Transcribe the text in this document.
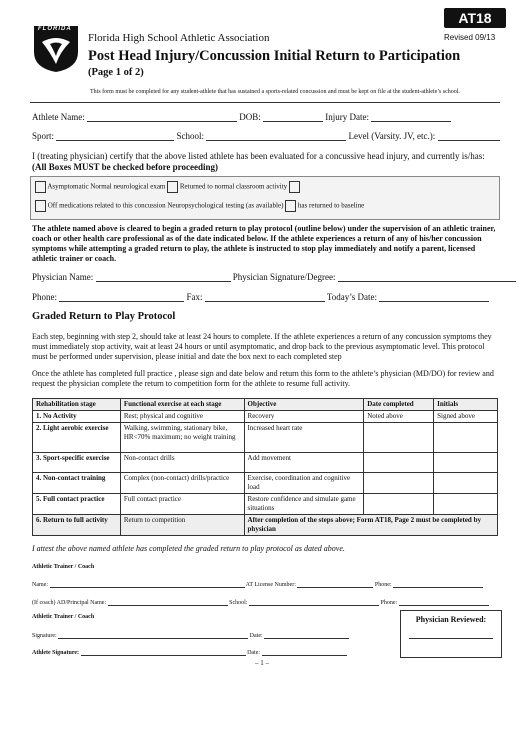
FLORIDA
Florida High School Athletic Association
AT18
Revised 09/13
Post Head Injury/Concussion Initial Return to Participation
(Page 1 of 2)
This form must be completed for any student-athlete that has sustained a sports-related concussion and must be kept on file at the student-athlete’s school.
Athlete Name:	DOB:	Injury Date:
Sport:	School:	Level (Varsity. JV, etc.):
I (treating physician) certify that the above listed athlete has been evaluated for a concussive head injury, and currently is/has:
(All Boxes MUST be checked before proceeding)
Asymptomatic Normal neurological exam Returned to normal classroom activity
Off medications related to this concussion Neuropsychological testing (as available) has returned to baseline
The athlete named above is cleared to begin a graded return to play protocol (outline below) under the supervision of an athletic trainer, coach or other health care professional as of the date indicated below. If the athlete experiences a return of any of his/her concussion symptoms while attempting a graded return to play, the athlete is instructed to stop play immediately and notify a parent, licensed athletic trainer or coach.
Physician Name:	Physician Signature/Degree:
Phone:	Fax:	Today’s Date:
Graded Return to Play Protocol
Each step, beginning with step 2, should take at least 24 hours to complete. If the athlete experiences a return of any concussion symptoms they must immediately stop activity, wait at least 24 hours or until asymptomatic, and drop back to the previous asymptomatic level. This protocol must be performed under supervision, please initial and date the box next to each completed step
Once the athlete has completed full practice , please sign and date below and return this form to the athlete’s physician (MD/DO) for review and request the physician complete the return to competition form for the athlete to resume full activity.
Rehabilitation stage	Functional exercise at each stage	Objective	Date completed	Initials
1. No Activity	Rest; physical and cognitive	Recovery	Noted above	Signed above
2. Light aerobic exercise	Walking, swimming, stationary bike, HR<70% maximum; no weight training	Increased heart rate		
3. Sport-specific exercise	Non-contact drills	Add movement		
4. Non-contact training	Complex (non-contact) drills/practice	Exercise, coordination and cognitive load		
5. Full contact practice	Full contact practice	Restore confidence and simulate game situations		
6. Return to full activity	Return to competition	After completion of the steps above; Form AT18, Page 2 must be completed by physician		
I attest the above named athlete has completed the graded return to play protocol as dated above.
Athletic Trainer / Coach
Name:	AT License Number:	Phone:
(If coach) AD/Principal Name:	School:	Phone:
Athletic Trainer / Coach
Signature:	Date:
Athlete Signature:	Date:
Physician Reviewed:
– 1 –
